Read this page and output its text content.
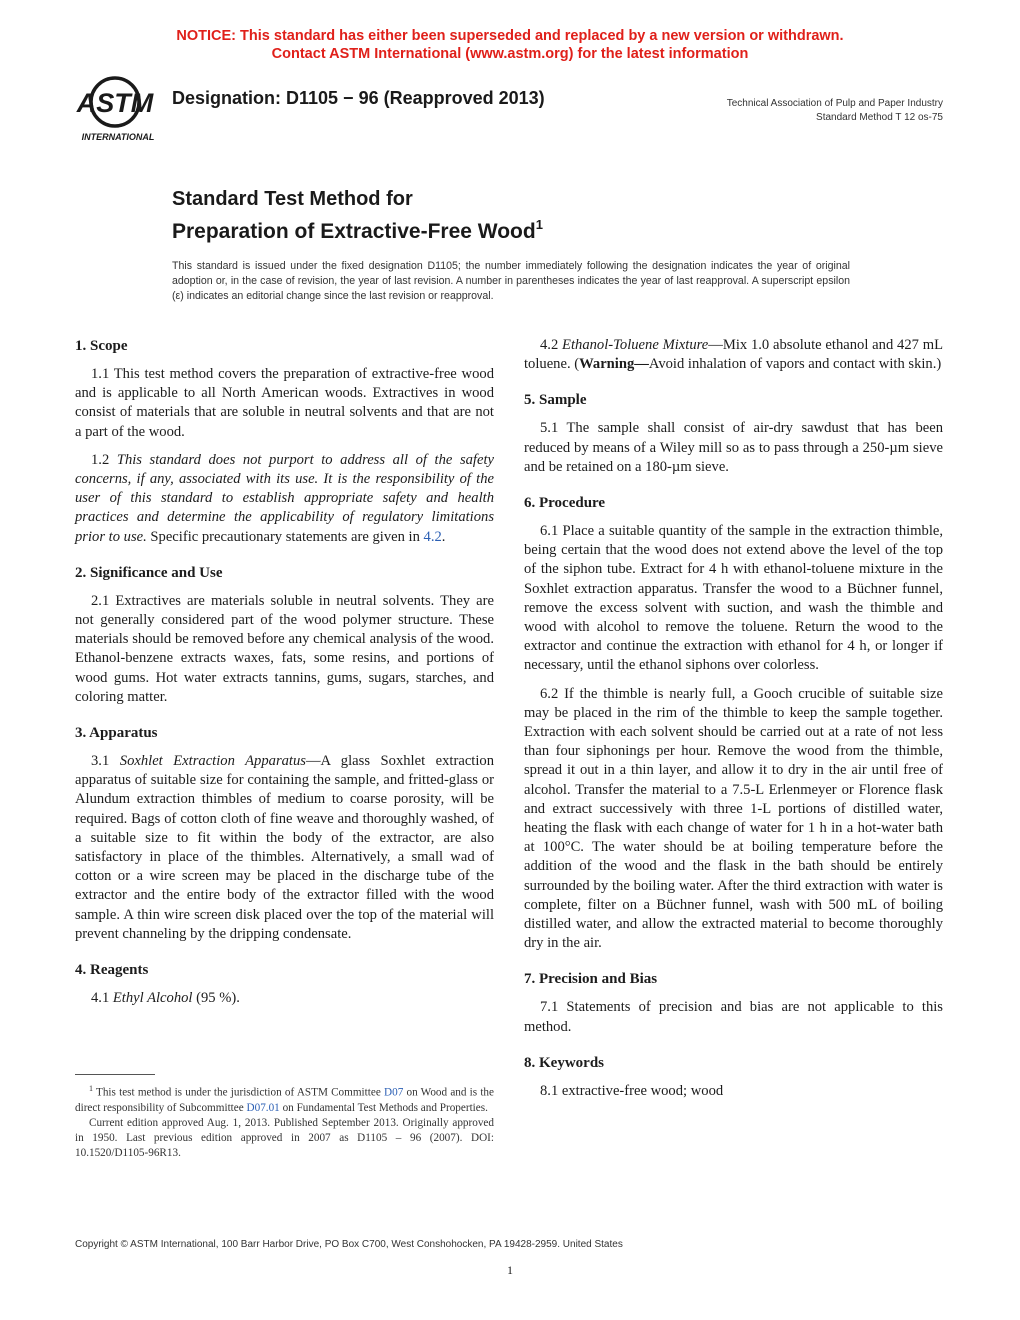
NOTICE: This standard has either been superseded and replaced by a new version or withdrawn.
Contact ASTM International (www.astm.org) for the latest information
ASTM
INTERNATIONAL
Designation: D1105 − 96 (Reapproved 2013)	Technical Association of Pulp and Paper Industry
Standard Method T 12 os-75
Standard Test Method for
Preparation of Extractive-Free Wood$^1$
This standard is issued under the fixed designation D1105; the number immediately following the designation indicates the year of original adoption or, in the case of revision, the year of last revision. A number in parentheses indicates the year of last reapproval. A superscript epsilon (ε) indicates an editorial change since the last revision or reapproval.
1. Scope

1.1 This test method covers the preparation of extractive-free wood and is applicable to all North American woods. Extractives in wood consist of materials that are soluble in neutral solvents and that are not a part of the wood.

1.2 This standard does not purport to address all of the safety concerns, if any, associated with its use. It is the responsibility of the user of this standard to establish appropriate safety and health practices and determine the applicability of regulatory limitations prior to use. Specific precautionary statements are given in 4.2.

2. Significance and Use

2.1 Extractives are materials soluble in neutral solvents. They are not generally considered part of the wood polymer structure. These materials should be removed before any chemical analysis of the wood. Ethanol-benzene extracts waxes, fats, some resins, and portions of wood gums. Hot water extracts tannins, gums, sugars, starches, and coloring matter.

3. Apparatus

3.1 Soxhlet Extraction Apparatus—A glass Soxhlet extraction apparatus of suitable size for containing the sample, and fritted-glass or Alundum extraction thimbles of medium to coarse porosity, will be required. Bags of cotton cloth of fine weave and thoroughly washed, of a suitable size to fit within the body of the extractor, are also satisfactory in place of the thimbles. Alternatively, a small wad of cotton or a wire screen may be placed in the discharge tube of the extractor and the entire body of the extractor filled with the wood sample. A thin wire screen disk placed over the top of the material will prevent channeling by the dripping condensate.

4. Reagents

4.1 Ethyl Alcohol (95 %).

4.2 Ethanol-Toluene Mixture—Mix 1.0 absolute ethanol and 427 mL toluene. (Warning—Avoid inhalation of vapors and contact with skin.)

5. Sample

5.1 The sample shall consist of air-dry sawdust that has been reduced by means of a Wiley mill so as to pass through a 250-µm sieve and be retained on a 180-µm sieve.

6. Procedure

6.1 Place a suitable quantity of the sample in the extraction thimble, being certain that the wood does not extend above the level of the top of the siphon tube. Extract for 4 h with ethanol-toluene mixture in the Soxhlet extraction apparatus. Transfer the wood to a Büchner funnel, remove the excess solvent with suction, and wash the thimble and wood with alcohol to remove the toluene. Return the wood to the extractor and continue the extraction with ethanol for 4 h, or longer if necessary, until the ethanol siphons over colorless.

6.2 If the thimble is nearly full, a Gooch crucible of suitable size may be placed in the rim of the thimble to keep the sample together. Extraction with each solvent should be carried out at a rate of not less than four siphonings per hour. Remove the wood from the thimble, spread it out in a thin layer, and allow it to dry in the air until free of alcohol. Transfer the material to a 7.5-L Erlenmeyer or Florence flask and extract successively with three 1-L portions of distilled water, heating the flask with each change of water for 1 h in a hot-water bath at 100°C. The water should be at boiling temperature before the addition of the wood and the flask in the bath should be entirely surrounded by the boiling water. After the third extraction with water is complete, filter on a Büchner funnel, wash with 500 mL of boiling distilled water, and allow the extracted material to become thoroughly dry in the air.

7. Precision and Bias

7.1 Statements of precision and bias are not applicable to this method.

8. Keywords

8.1 extractive-free wood; wood

$^1$ This test method is under the jurisdiction of ASTM Committee D07 on Wood and is the direct responsibility of Subcommittee D07.01 on Fundamental Test Methods and Properties.

Current edition approved Aug. 1, 2013. Published September 2013. Originally approved in 1950. Last previous edition approved in 2007 as D1105 – 96 (2007). DOI: 10.1520/D1105-96R13.

Copyright © ASTM International, 100 Barr Harbor Drive, PO Box C700, West Conshohocken, PA 19428-2959. United States
1
